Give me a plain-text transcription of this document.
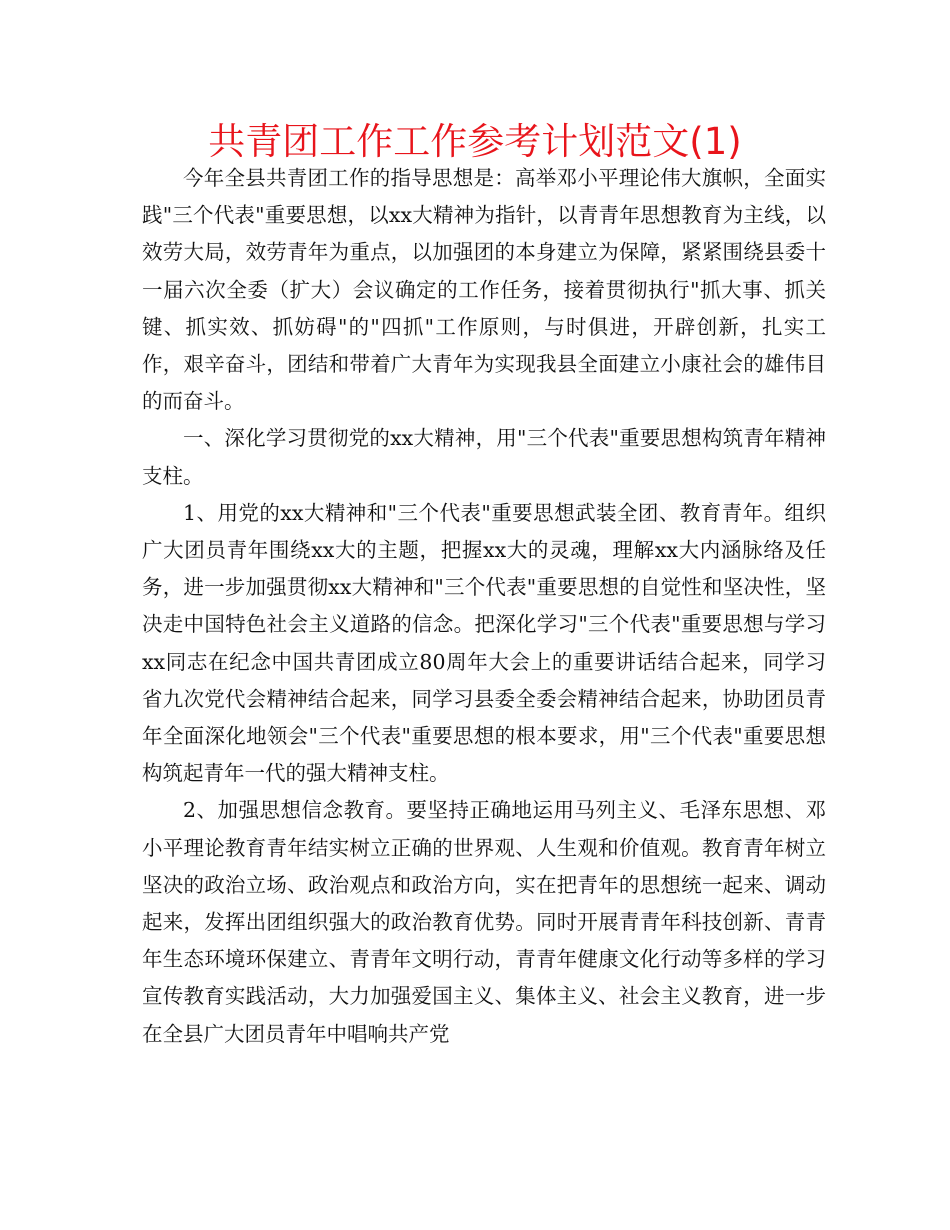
共青团工作工作参考计划范文(1)

今年全县共青团工作的指导思想是：高举邓小平理论伟大旗帜，全面实践"三个代表"重要思想，以xx大精神为指针，以青青年思想教育为主线，以效劳大局，效劳青年为重点，以加强团的本身建立为保障，紧紧围绕县委十一届六次全委（扩大）会议确定的工作任务，接着贯彻执行"抓大事、抓关键、抓实效、抓妨碍"的"四抓"工作原则，与时俱进，开辟创新，扎实工作，艰辛奋斗，团结和带着广大青年为实现我县全面建立小康社会的雄伟目的而奋斗。

一、深化学习贯彻党的xx大精神，用"三个代表"重要思想构筑青年精神支柱。

1、用党的xx大精神和"三个代表"重要思想武装全团、教育青年。组织广大团员青年围绕xx大的主题，把握xx大的灵魂，理解xx大内涵脉络及任务，进一步加强贯彻xx大精神和"三个代表"重要思想的自觉性和坚决性，坚决走中国特色社会主义道路的信念。把深化学习"三个代表"重要思想与学习xx同志在纪念中国共青团成立80周年大会上的重要讲话结合起来，同学习省九次党代会精神结合起来，同学习县委全委会精神结合起来，协助团员青年全面深化地领会"三个代表"重要思想的根本要求，用"三个代表"重要思想构筑起青年一代的强大精神支柱。

2、加强思想信念教育。要坚持正确地运用马列主义、毛泽东思想、邓小平理论教育青年结实树立正确的世界观、人生观和价值观。教育青年树立坚决的政治立场、政治观点和政治方向，实在把青年的思想统一起来、调动起来，发挥出团组织强大的政治教育优势。同时开展青青年科技创新、青青年生态环境环保建立、青青年文明行动，青青年健康文化行动等多样的学习宣传教育实践活动，大力加强爱国主义、集体主义、社会主义教育，进一步在全县广大团员青年中唱响共产党
